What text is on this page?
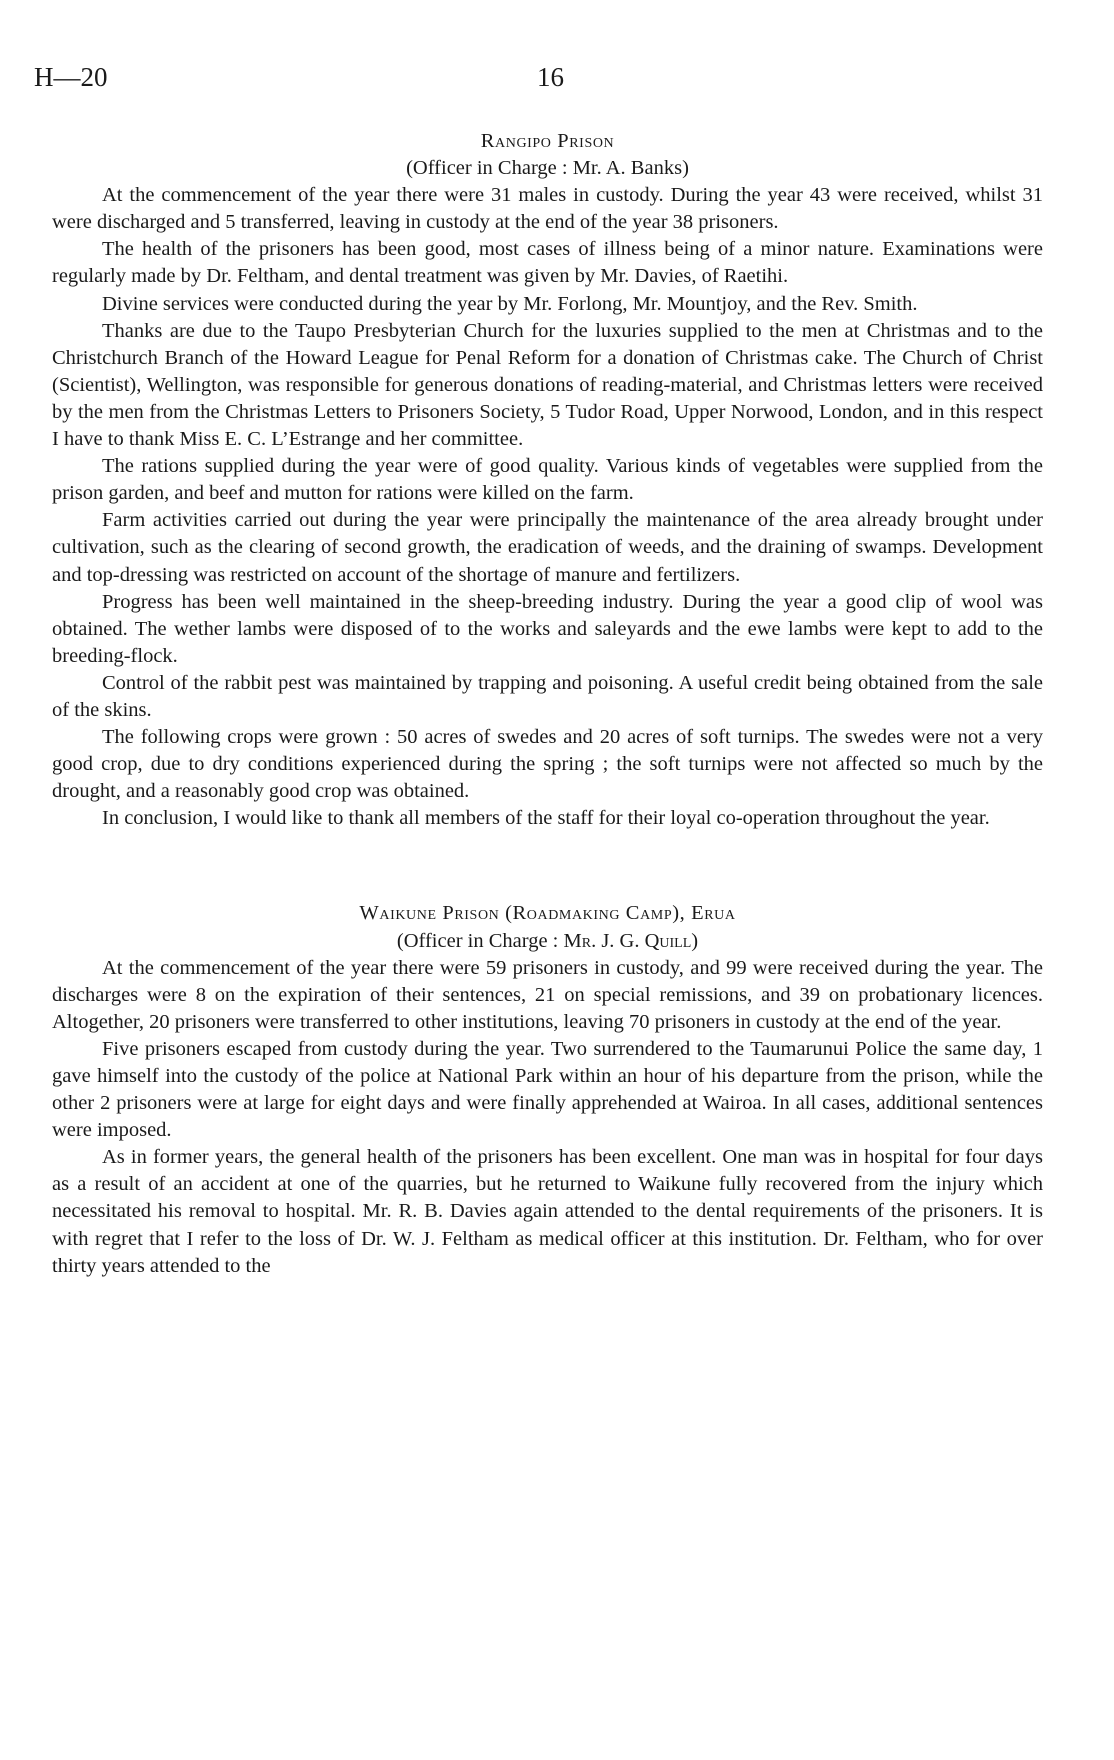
H—20	16

Rangipo Prison

(Officer in Charge : Mr. A. Banks)

At the commencement of the year there were 31 males in custody. During the year 43 were received, whilst 31 were discharged and 5 transferred, leaving in custody at the end of the year 38 prisoners.

The health of the prisoners has been good, most cases of illness being of a minor nature. Examinations were regularly made by Dr. Feltham, and dental treatment was given by Mr. Davies, of Raetihi.

Divine services were conducted during the year by Mr. Forlong, Mr. Mountjoy, and the Rev. Smith.

Thanks are due to the Taupo Presbyterian Church for the luxuries supplied to the men at Christmas and to the Christchurch Branch of the Howard League for Penal Reform for a donation of Christmas cake. The Church of Christ (Scientist), Wellington, was responsible for generous donations of reading-material, and Christmas letters were received by the men from the Christmas Letters to Prisoners Society, 5 Tudor Road, Upper Norwood, London, and in this respect I have to thank Miss E. C. L’Estrange and her committee.

The rations supplied during the year were of good quality. Various kinds of vegetables were supplied from the prison garden, and beef and mutton for rations were killed on the farm.

Farm activities carried out during the year were principally the maintenance of the area already brought under cultivation, such as the clearing of second growth, the eradication of weeds, and the draining of swamps. Development and top-dressing was restricted on account of the shortage of manure and fertilizers.

Progress has been well maintained in the sheep-breeding industry. During the year a good clip of wool was obtained. The wether lambs were disposed of to the works and saleyards and the ewe lambs were kept to add to the breeding-flock.

Control of the rabbit pest was maintained by trapping and poisoning. A useful credit being obtained from the sale of the skins.

The following crops were grown : 50 acres of swedes and 20 acres of soft turnips. The swedes were not a very good crop, due to dry conditions experienced during the spring ; the soft turnips were not affected so much by the drought, and a reasonably good crop was obtained.

In conclusion, I would like to thank all members of the staff for their loyal co-operation throughout the year.

Waikune Prison (Roadmaking Camp), Erua

(Officer in Charge : Mr. J. G. Quill)

At the commencement of the year there were 59 prisoners in custody, and 99 were received during the year. The discharges were 8 on the expiration of their sentences, 21 on special remissions, and 39 on probationary licences. Altogether, 20 prisoners were transferred to other institutions, leaving 70 prisoners in custody at the end of the year.

Five prisoners escaped from custody during the year. Two surrendered to the Taumarunui Police the same day, 1 gave himself into the custody of the police at National Park within an hour of his departure from the prison, while the other 2 prisoners were at large for eight days and were finally apprehended at Wairoa. In all cases, additional sentences were imposed.

As in former years, the general health of the prisoners has been excellent. One man was in hospital for four days as a result of an accident at one of the quarries, but he returned to Waikune fully recovered from the injury which necessitated his removal to hospital. Mr. R. B. Davies again attended to the dental requirements of the prisoners. It is with regret that I refer to the loss of Dr. W. J. Feltham as medical officer at this institution. Dr. Feltham, who for over thirty years attended to the
